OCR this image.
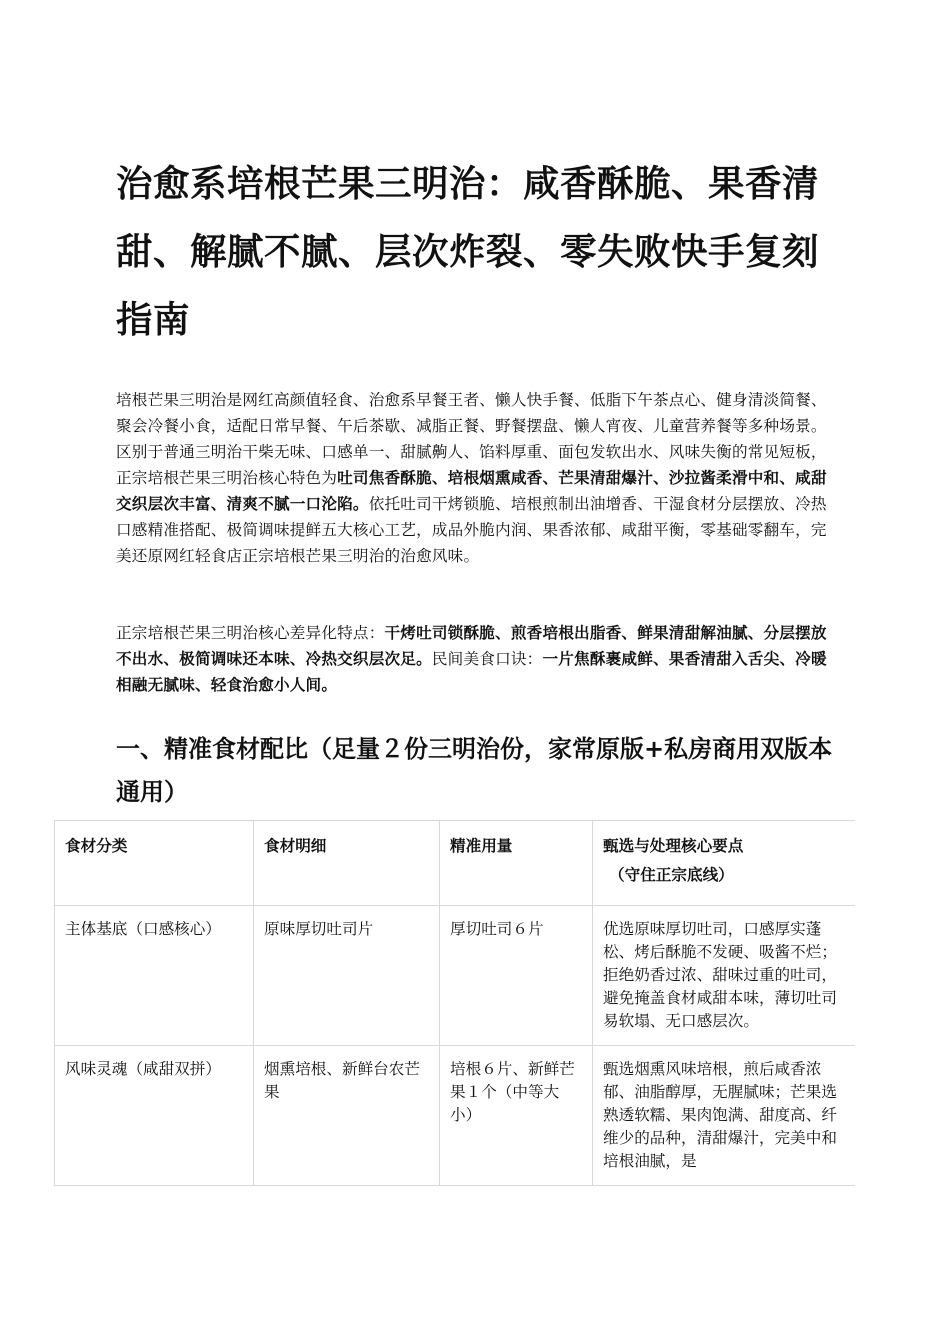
治愈系培根芒果三明治：咸香酥脆、果香清甜、解腻不腻、层次炸裂、零失败快手复刻指南

培根芒果三明治是网红高颜值轻食、治愈系早餐王者、懒人快手餐、低脂下午茶点心、健身清淡简餐、聚会冷餐小食，适配日常早餐、午后茶歇、减脂正餐、野餐摆盘、懒人宵夜、儿童营养餐等多种场景。区别于普通三明治干柴无味、口感单一、甜腻齁人、馅料厚重、面包发软出水、风味失衡的常见短板，正宗培根芒果三明治核心特色为吐司焦香酥脆、培根烟熏咸香、芒果清甜爆汁、沙拉酱柔滑中和、咸甜交织层次丰富、清爽不腻一口沦陷。依托吐司干烤锁脆、培根煎制出油增香、干湿食材分层摆放、冷热口感精准搭配、极简调味提鲜五大核心工艺，成品外脆内润、果香浓郁、咸甜平衡，零基础零翻车，完美还原网红轻食店正宗培根芒果三明治的治愈风味。

正宗培根芒果三明治核心差异化特点：干烤吐司锁酥脆、煎香培根出脂香、鲜果清甜解油腻、分层摆放不出水、极简调味还本味、冷热交织层次足。民间美食口诀：一片焦酥裹咸鲜、果香清甜入舌尖、冷暖相融无腻味、轻食治愈小人间。

一、精准食材配比（足量２份三明治份，家常原版+私房商用双版本通用）
食材分类	食材明细	精准用量	甄选与处理核心要点
（守住正宗底线）

主体基底（口感核心）	原味厚切吐司片	厚切吐司６片	优选原味厚切吐司，口感厚实蓬松、烤后酥脆不发硬、吸酱不烂；拒绝奶香过浓、甜味过重的吐司，避免掩盖食材咸甜本味，薄切吐司易软塌、无口感层次。
风味灵魂（咸甜双拼）	烟熏培根、新鲜台农芒果	培根６片、新鲜芒果１个（中等大小）	甄选烟熏风味培根，煎后咸香浓郁、油脂醇厚，无腥腻味；芒果选熟透软糯、果肉饱满、甜度高、纤维少的品种，清甜爆汁，完美中和培根油腻，是
